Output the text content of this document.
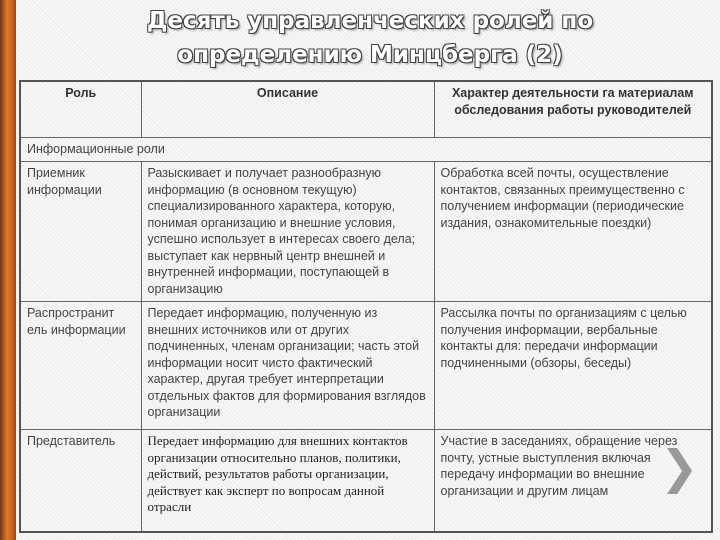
Десять управленческих ролей по определению Минцберга (2)
Роль	Описание	Характер деятельности га материалам обследования работы руководителей
Информационные роли		
Приемник информации	Разыскивает и получает разнообразную информацию (в основном текущую) специализированного характера, которую, понимая организацию и внешние условия, успешно использует в интересах своего дела; выступает как нервный центр внешней и внутренней информации, поступающей в организацию	Обработка всей почты, осуществление контактов, связанных преимущественно с получением информации (периодические издания, ознакомительные поездки)
Распространит ель информации	Передает информацию, полученную из внешних источников или от других подчиненных, членам организации; часть этой информации носит чисто фактический характер, другая требует интерпретации отдельных фактов для формирования взглядов организации	Рассылка почты по организациям с целью получения информации, вербальные контакты для: передачи информации подчиненными (обзоры, беседы)
Представитель	Передает информацию для внешних контактов организации относительно планов, политики, действий, результатов работы организации, действует как эксперт по вопросам данной отрасли	Участие в заседаниях, обращение через почту, устные выступления включая передачу информации во внешние организации и другим лицам ❯
